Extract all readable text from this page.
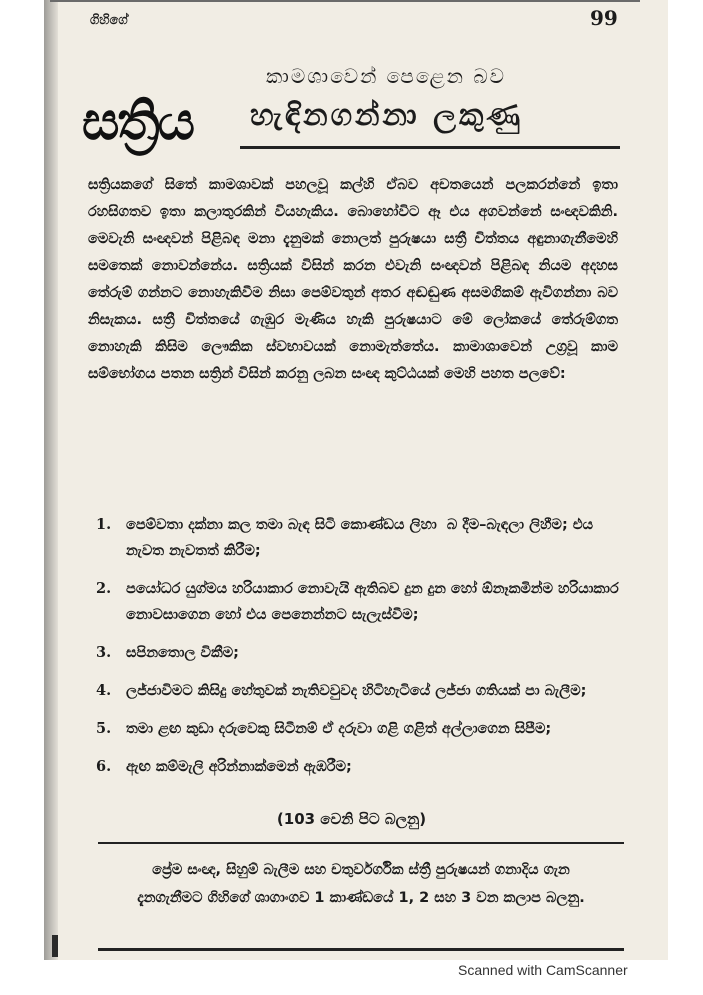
ගිහිගේ	99
සත්‍රිය
කාමශාවෙන් පෙළෙන බව
හැඳිනගන්නා ලකුණු
සත්‍රියකගේ සිතේ කාමශාවක් පහලවූ කල්හි ඒබව අචතයෙන් පලකරන්නේ ඉතා රහසිගතව ඉතා කලාතුරකින් වියහැකිය. බොහෝවිට ඈ එය අගවන්නේ සංඥවකිනි. මෙවැනි සංඥවන් පිළිබඳ මනා දැනුමක් නොලත් පුරුෂයා සත්‍රී චිත්තය අඳුනාගැනීමෙහි සමතෙක් නොවන්නේය. සත්‍රියක් විසින් කරන එවැනි සංඥවන් පිළිබඳ නියම අදහස තේරුම් ගන්නට නොහැකිවීම නිසා පෙම්වතුන් අතර අඬඬුණ අසමගිකම් ඇවිගන්නා බව නිසැකය. සත්‍රී චිත්තයේ ගැඹුර මැණිය හැකි පුරුෂයාට මේ ලෝකයේ තේරුම්ගත නොහැකි කිසිම ලෞකික ස්වභාවයක් නොමැත්තේය. කාමාශාවෙන් උග්‍රවූ කාම සම්භෝගය පතන සත්‍රින් විසින් කරනු ලබන සංඥ කුට්ඨයක් මෙහි පහත පලවේ:
1.	පෙම්වතා දක්නා කල තමා බැඳ සිටි කොණ්ඩය ලිහා බ දීම–බැඳලා ලිහීම; එය නැවත නැවතත් කිරීම;
2.	පයෝධර යුග්මය හරියාකාර නොවැයි ඇතිබව දුන දුන හෝ ඕනෑකමින්ම හරියාකාර නොවසාගෙන හෝ එය පෙනෙන්නට සැලැස්වීම;
3.	සපිනතොල විකීම;
4.	ලජ්ජාවිමට කිසිදු හේතුවක් නැතිවවුවද හිටිහැටියේ ලජ්ජා ගතියක් පා බැලීම;
5.	තමා ළඟ කුඩා දරුවෙකු සිටීනම් ඒ දරුවා ගළි ගළිත් අල්ලාගෙන සිපීම;
6.	ඇඟ කම්මැලි අරින්නාක්මෙන් ඇඹරීම;
(103 වෙනි පිට බලනු)
ප්‍රේම සංඥ, සිහුම් බැලීම සහ චතුර්වර්ගික ස්ත්‍රී පුරුෂයන් ගනාදිය ගැන දැනගැනීමට ගිහිගේ ශාගාංගව 1 කාණ්ඩයේ 1, 2 සහ 3 වන කලාප බලනු.
Scanned with CamScanner
